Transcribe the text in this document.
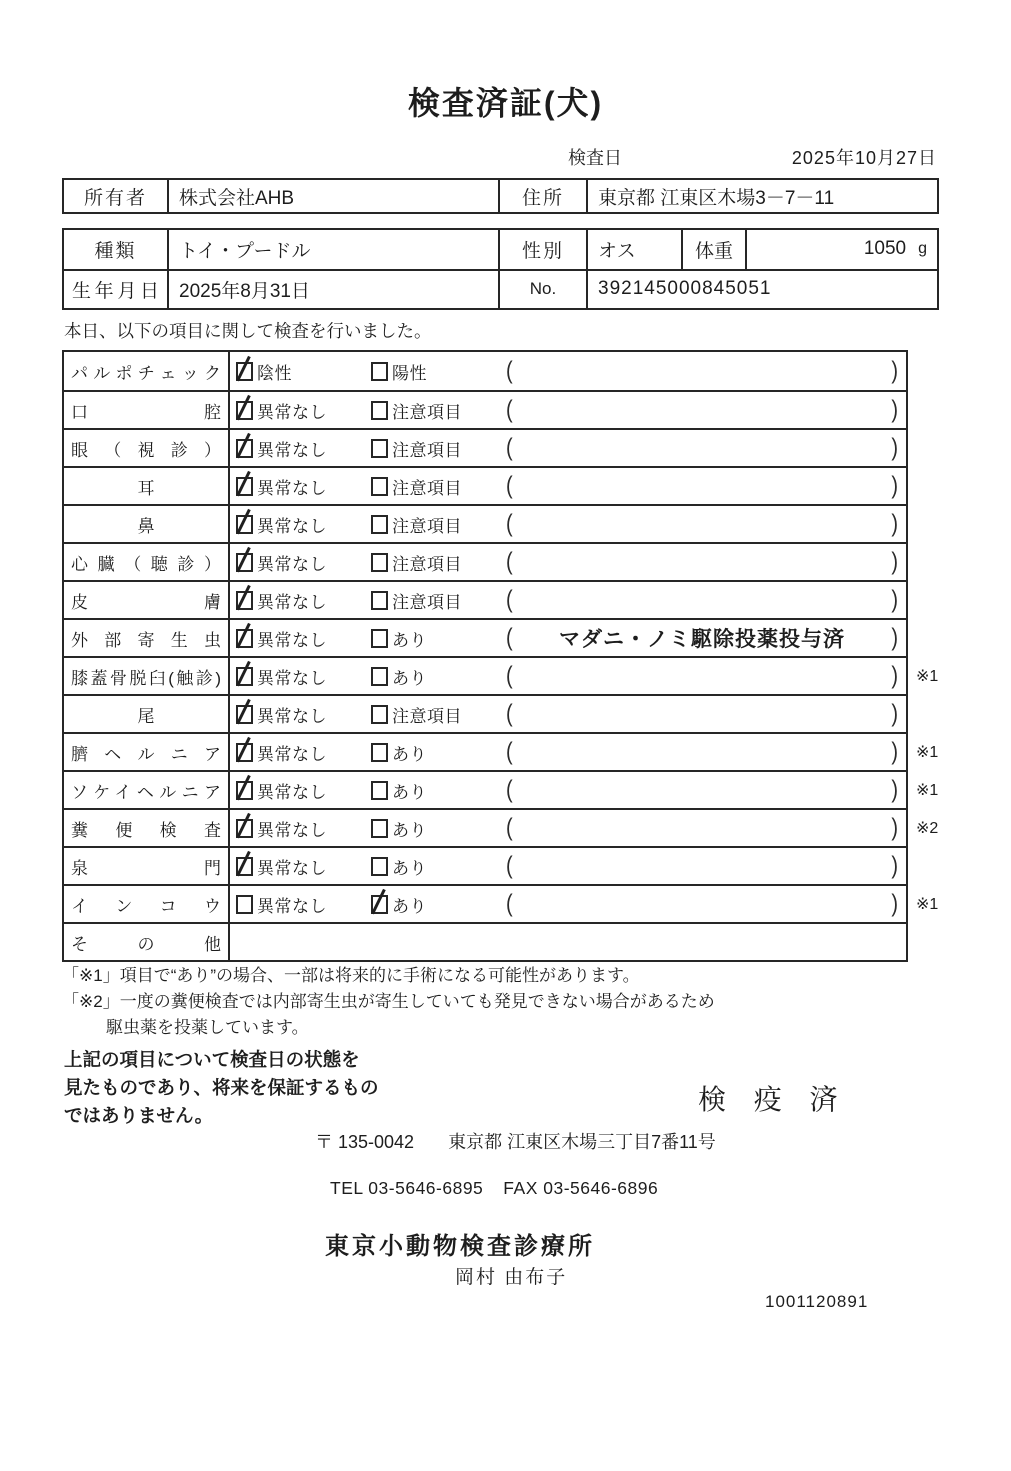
検査済証(犬)
検査日	2025年10月27日
所有者	株式会社AHB	住所	東京都 江東区木場3－7－11
種類	トイ・プードル	性別	オス	体重	1050 g
生年月日	2025年8月31日	No.	392145000845051
本日、以下の項目に関して検査を行いました。
パルポチェック	陰性	陽性	(	)
口腔	異常なし	注意項目 (	)
眼（視診）	異常なし	注意項目 (	)
耳	異常なし	注意項目 (	)
鼻	異常なし	注意項目 (	)
心臓（聴診）	異常なし	注意項目 (	)
皮膚	異常なし	注意項目 (	)
外部寄生虫	異常なし	あり	(	マダニ・ノミ駆除投薬投与済	)
膝蓋骨脱臼(触診)	異常なし	あり	(	) ※1
尾	異常なし	注意項目 (	)
臍ヘルニア	異常なし	あり	(	) ※1
ソケイヘルニア	異常なし	あり	(	) ※1
糞便検査	異常なし	あり	(	) ※2
泉門	異常なし	あり	(	)
インコウ	異常なし	あり	(	) ※1
その他
「※1」項目で“あり”の場合、一部は将来的に手術になる可能性があります。
「※2」一度の糞便検査では内部寄生虫が寄生していても発見できない場合があるため
駆虫薬を投薬しています。
上記の項目について検査日の状態を
見たものであり、将来を保証するもの
ではありません。
検 疫 済
〒 135-0042 東京都 江東区木場三丁目7番11号
TEL 03-5646-6895 FAX 03-5646-6896
東京小動物検査診療所
岡村 由布子
1001120891
